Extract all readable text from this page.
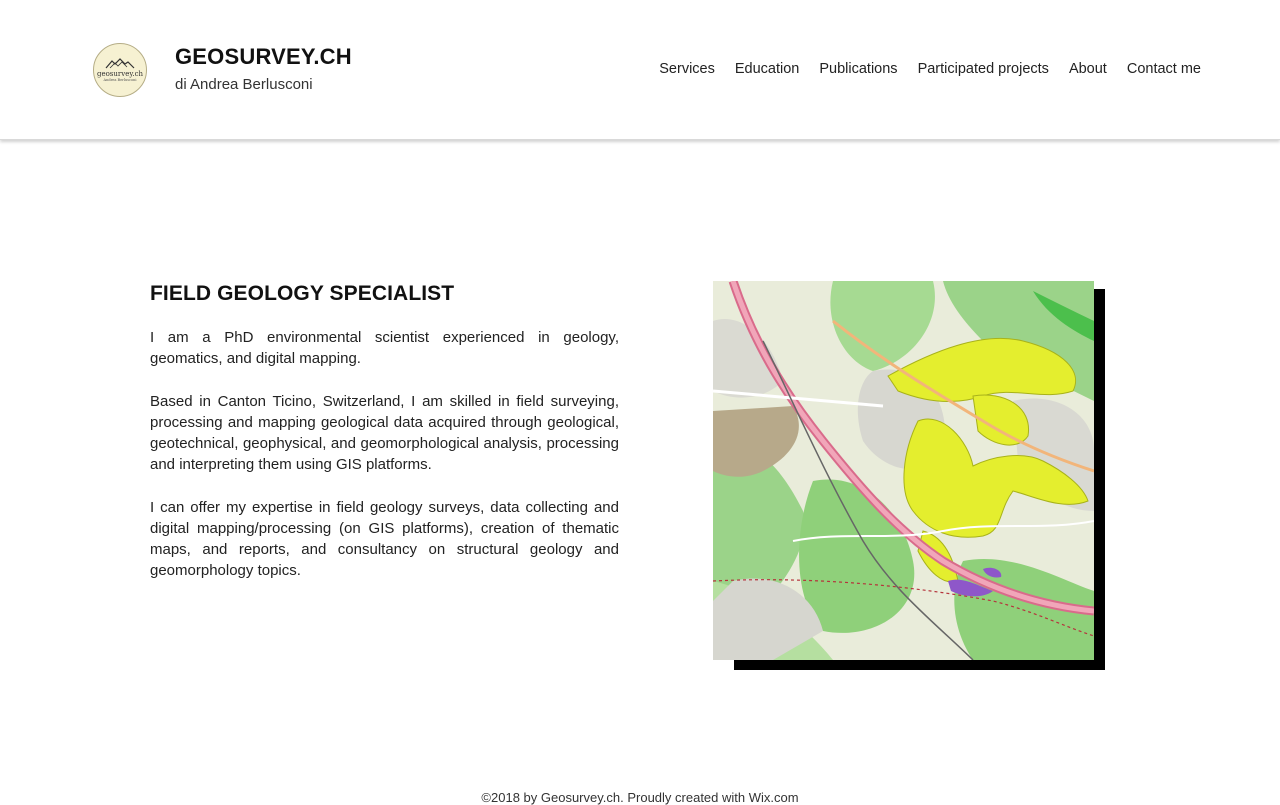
geosurvey.ch
Andrea Berlusconi
GEOSURVEY.CH
di Andrea Berlusconi
Services Education Publications Participated projects About Contact me
FIELD GEOLOGY SPECIALIST

I am a PhD environmental scientist experienced in geology, geomatics, and digital mapping.

Based in Canton Ticino, Switzerland, I am skilled in field surveying, processing and mapping geological data acquired through geological, geotechnical, geophysical, and geomorphological analysis, processing and interpreting them using GIS platforms.

I can offer my expertise in field geology surveys, data collecting and digital mapping/processing (on GIS platforms), creation of thematic maps, and reports, and consultancy on structural geology and geomorphology topics.

©2018 by Geosurvey.ch. Proudly created with Wix.com
